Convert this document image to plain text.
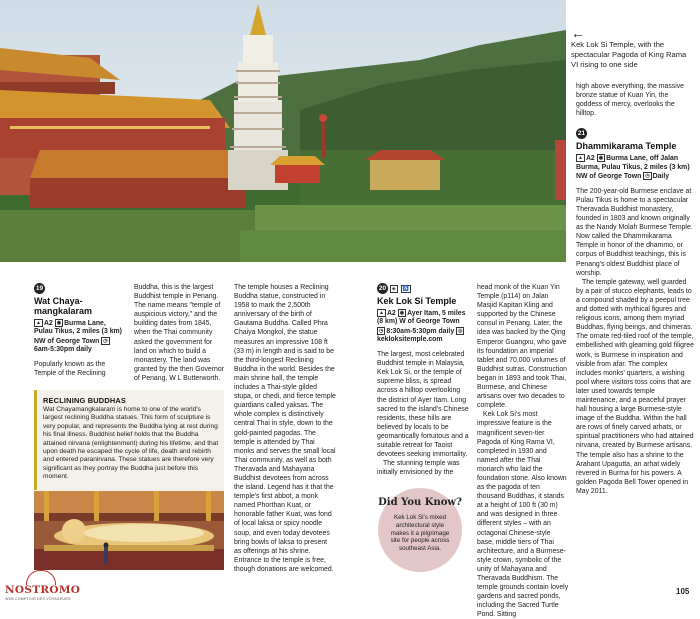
←
Kek Lok Si Temple, with the spectacular Pagoda of King Rama VI rising to one side

high above everything, the massive bronze statue of Kuan Yin, the goddess of mercy, overlooks the hilltop.

21
Dhammikarama Temple
▲ A2 ◉ Burma Lane, off Jalan Burma, Pulau Tikus, 2 miles (3 km) NW of George Town ◷ Daily

The 200-year-old Burmese enclave at Pulau Tikus is home to a spectacular Theravada Buddhist monastery, founded in 1803 and known originally as the Nandy Molah Burmese Temple. Now called the Dhammikarama Temple in honor of the dhammo, or corpus of Buddhist teachings, this is Penang's oldest Buddhist place of worship.

The temple gateway, well guarded by a pair of stucco elephants, leads to a compound shaded by a peepul tree and dotted with mythical figures and religious icons, among them myriad Buddhas, flying beings, and chimeras. The ornate red-tiled roof of the temple, embellished with gleaming gold filigree work, is Burmese in inspiration and visible from afar. The complex includes monks' quarters, a wishing pool where visitors toss coins that are later used towards temple maintenance, and a peaceful prayer hall housing a large Burmese-style image of the Buddha. Within the hall are rows of finely carved arhats, or spiritual practitioners who had attained nirvana, created by Burmese artisans. The temple also has a shrine to the Arahant Upagutta, an arhat widely revered in Burma for his powers. A golden Pagoda Bell Tower opened in May 2011.

19
Wat Chaya-mangkalaram
▲ A2 ◉ Burma Lane, Pulau Tikus, 2 miles (3 km) NW of George Town ◷6am-5:30pm daily

Popularly known as the Temple of the Reclining

Buddha, this is the largest Buddhist temple in Penang. The name means "temple of auspicious victory," and the building dates from 1845, when the Thai community asked the government for land on which to build a monastery. The land was granted by the then Governor of Penang, W L Butterworth.

RECLINING BUDDHAS
Wat Chayamangkalaram is home to one of the world's largest reclining Buddha statues. This form of sculpture is very popular, and represents the Buddha lying at rest during his final illness. Buddhist belief holds that the Buddha attained nirvana (enlightenment) during his lifetime, and that upon death he escaped the cycle of life, death and rebirth and entered paranirvana. These statues are therefore very significant as they portray the Buddha just before this moment.

The temple houses a Reclining Buddha statue, constructed in 1958 to mark the 2,500th anniversary of the birth of Gautama Buddha. Called Phra Chaiya Mongkol, the statue measures an impressive 108 ft (33 m) in length and is said to be the third-longest Reclining Buddha in the world. Besides the main shrine hall, the temple includes a Thai-style gilded stupa, or chedi, and fierce temple guardians called yaksas. The whole complex is distinctively central Thai in style, down to the gold-painted pagodas. The temple is attended by Thai monks and serves the small local Thai community, as well as both Theravada and Mahayana Buddhist devotees from across the island. Legend has it that the temple's first abbot, a monk named Phorthan Kuat, or honorable father Kuat, was fond of local laksa or spicy noodle soup, and even today devotees bring bowls of laksa to present as offerings at his shrine. Entrance to the temple is free, though donations are welcomed.

20 ◈ ♿
Kek Lok Si Temple
▲ A2 ◉ Ayer Itam, 5 miles (8 km) W of George Town ◷ 8:30am-5:30pm daily ◎kekloksitemple.com

The largest, most celebrated Buddhist temple in Malaysia, Kek Lok Si, or the temple of supreme bliss, is spread across a hilltop overlooking the district of Ayer Itam. Long sacred to the island's Chinese residents, these hills are believed by locals to be geomantically fortuitous and a suitable retreat for Taoist devotees seeking immortality.

The stunning temple was initially envisioned by the

head monk of the Kuan Yin Temple (p114) on Jalan Masjid Kapitan Kling and supported by the Chinese consul in Penang. Later, the idea was backed by the Qing Emperor Guangxu, who gave its foundation an imperial tablet and 70,000 volumes of Buddhist sutras. Construction began in 1893 and took Thai, Burmese, and Chinese artisans over two decades to complete.

Kek Lok Si's most impressive feature is the magnificent seven-tier Pagoda of King Rama VI, completed in 1930 and named after the Thai monarch who laid the foundation stone. Also known as the pagoda of ten thousand Buddhas, it stands at a height of 100 ft (30 m) and was designed in three different styles – with an octagonal Chinese-style base, middle tiers of Thai architecture, and a Burmese-style crown, symbolic of the unity of Mahayana and Theravada Buddhism. The temple grounds contain lovely gardens and sacred ponds, including the Sacred Turtle Pond. Sitting

Did You Know?
Kek Lok Si's mixed architectural style makes it a pilgrimage site for people across southeast Asia.
105
NOSTROMO
WEB COMPTOIR DES VOYAGEURS
